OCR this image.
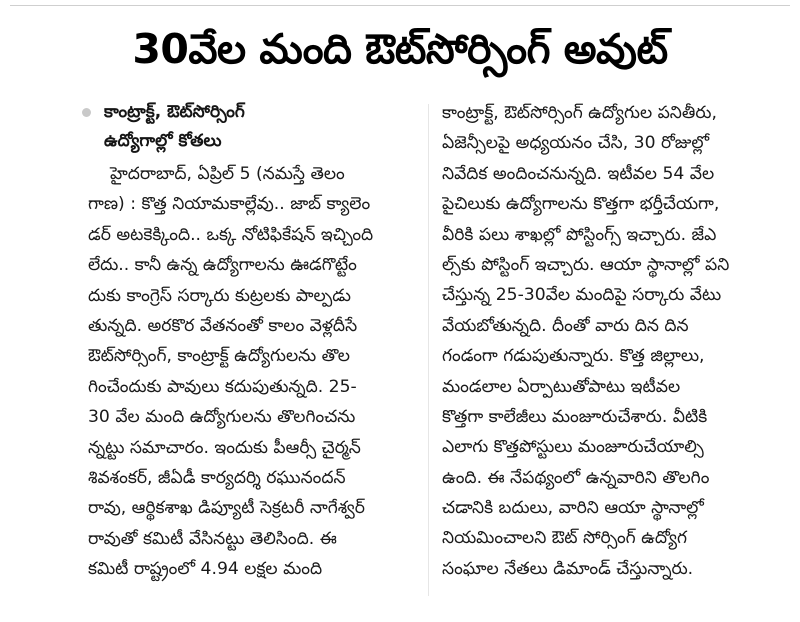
30వేల మంది ఔట్‌సోర్సింగ్‌ అవుట్‌
కాంట్రాక్ట్‌, ఔట్‌సోర్సింగ్‌
ఉద్యోగాల్లో కోతలు
హైదరాబాద్‌, ఏప్రిల్‌ 5 (నమస్తే తెలం
గాణ) : కొత్త నియామకాల్లేవు.. జాబ్‌ క్యాలెం
డర్‌ అటకెక్కింది.. ఒక్క నోటిఫికేషన్‌ ఇచ్చింది
లేదు.. కానీ ఉన్న ఉద్యోగాలను ఊడగొట్టేం
దుకు కాంగ్రెస్‌ సర్కారు కుట్రలకు పాల్పడు
తున్నది. అరకొర వేతనంతో కాలం వెళ్లదీసే
ఔట్‌సోర్సింగ్‌, కాంట్రాక్ట్‌ ఉద్యోగులను తొల
గించేందుకు పావులు కదుపుతున్నది. 25-
30 వేల మంది ఉద్యోగులను తొలగించను
న్నట్టు సమాచారం. ఇందుకు పీఆర్సీ చైర్మన్‌
శివశంకర్‌, జీఏడీ కార్యదర్శి రఘునందన్‌
రావు, ఆర్థికశాఖ డిప్యూటీ సెక్రటరీ నాగేశ్వర్‌
రావుతో కమిటీ వేసినట్టు తెలిసింది. ఈ
కమిటీ రాష్ట్రంలో 4.94 లక్షల మంది
కాంట్రాక్ట్‌, ఔట్‌సోర్సింగ్‌ ఉద్యోగుల పనితీరు,
ఏజెన్సీలపై అధ్యయనం చేసి, 30 రోజుల్లో
నివేదిక అందించనున్నది. ఇటీవల 54 వేల
పైచిలుకు ఉద్యోగాలను కొత్తగా భర్తీచేయగా,
వీరికి పలు శాఖల్లో పోస్టింగ్స్‌ ఇచ్చారు. జేఎ
ల్స్‌కు పోస్టింగ్‌ ఇచ్చారు. ఆయా స్థానాల్లో పని
చేస్తున్న 25-30వేల మందిపై సర్కారు వేటు
వేయబోతున్నది. దీంతో వారు దిన దిన
గండంగా గడుపుతున్నారు. కొత్త జిల్లాలు,
మండలాల ఏర్పాటుతోపాటు ఇటీవల
కొత్తగా కాలేజీలు మంజూరుచేశారు. వీటికి
ఎలాగు కొత్తపోస్టులు మంజూరుచేయాల్సి
ఉంది. ఈ నేపథ్యంలో ఉన్నవారిని తొలగిం
చడానికి బదులు, వారిని ఆయా స్థానాల్లో
నియమించాలని ఔట్‌ సోర్సింగ్‌ ఉద్యోగ
సంఘాల నేతలు డిమాండ్‌ చేస్తున్నారు.
